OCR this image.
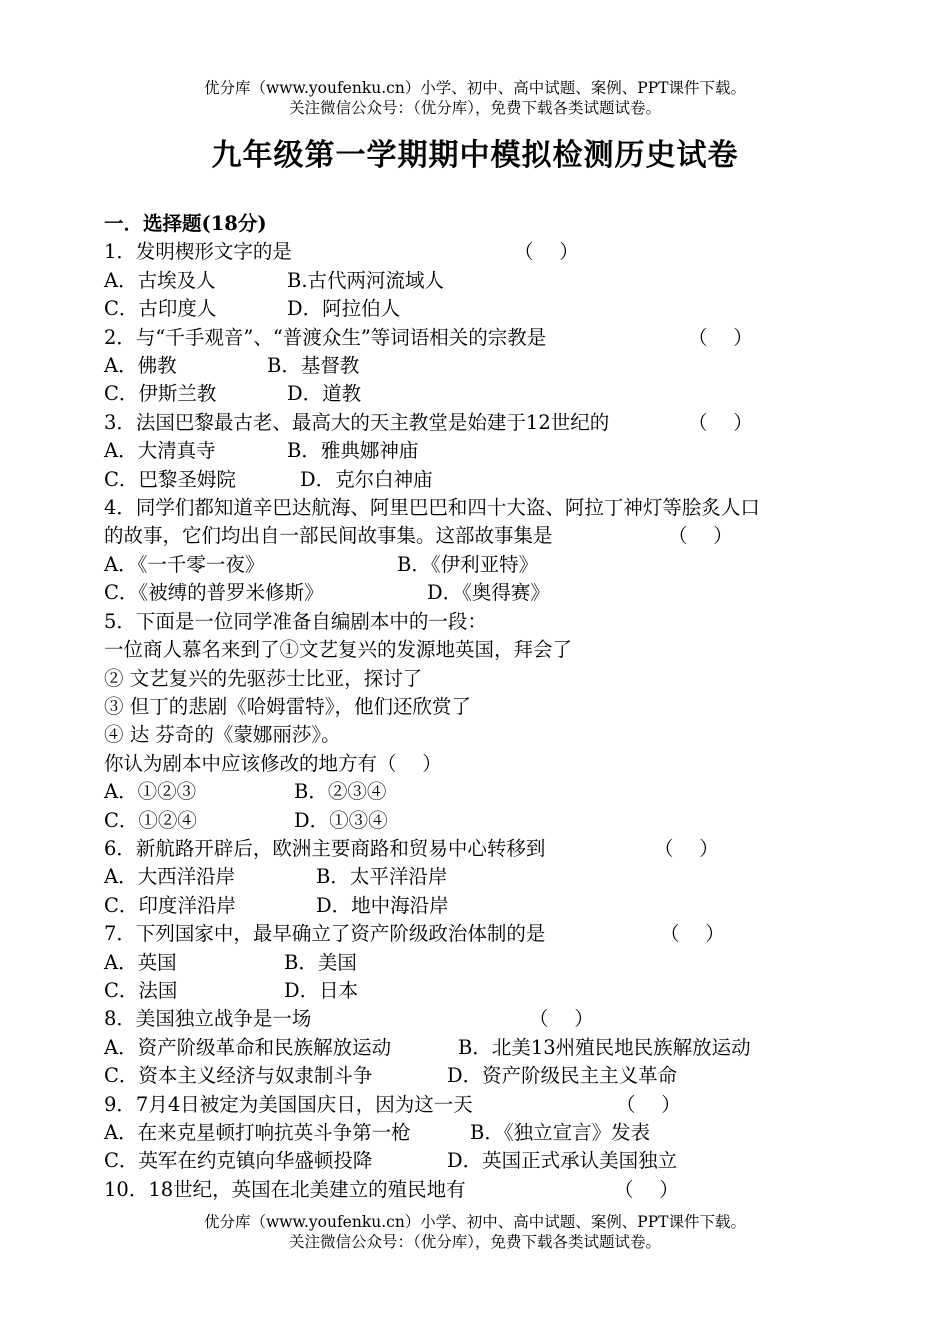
优分库（www.youfenku.cn）小学、初中、高中试题、案例、PPT课件下载。
关注微信公众号：（优分库），免费下载各类试题试卷。
九年级第一学期期中模拟检测历史试卷
一．选择题(18分)
1．发明楔形文字的是	（　 ）
A．古埃及人	B.古代两河流域人
C．古印度人	D．阿拉伯人
2．与“千手观音”、“普渡众生”等词语相关的宗教是	（　 ）
A．佛教	B．基督教
C．伊斯兰教	D．道教
3．法国巴黎最古老、最高大的天主教堂是始建于12世纪的	（　 ）
A．大清真寺	B．雅典娜神庙
C．巴黎圣姆院	D．克尔白神庙
4．同学们都知道辛巴达航海、阿里巴巴和四十大盗、阿拉丁神灯等脍炙人口
的故事，它们均出自一部民间故事集。这部故事集是	（　 ）
A．《一千零一夜》	B．《伊利亚特》
C．《被缚的普罗米修斯》	D．《奥得赛》
5．下面是一位同学准备自编剧本中的一段：
一位商人慕名来到了①文艺复兴的发源地英国，拜会了
② 文艺复兴的先驱莎士比亚，探讨了
③ 但丁的悲剧《哈姆雷特》，他们还欣赏了
④ 达 芬奇的《蒙娜丽莎》。
你认为剧本中应该修改的地方有（　 ）
A．①②③	B．②③④
C．①②④	D．①③④
6．新航路开辟后，欧洲主要商路和贸易中心转移到	（　 ）
A．大西洋沿岸	B．太平洋沿岸
C．印度洋沿岸	D．地中海沿岸
7．下列国家中，最早确立了资产阶级政治体制的是	（　 ）
A．英国	B．美国
C．法国	D．日本
8．美国独立战争是一场	（　 ）
A．资产阶级革命和民族解放运动	B．北美13州殖民地民族解放运动
C．资本主义经济与奴隶制斗争	D．资产阶级民主主义革命
9．7月4日被定为美国国庆日，因为这一天	（　 ）
A．在来克星顿打响抗英斗争第一枪	B．《独立宣言》发表
C．英军在约克镇向华盛顿投降	D．英国正式承认美国独立
10．18世纪，英国在北美建立的殖民地有	（　 ）
优分库（www.youfenku.cn）小学、初中、高中试题、案例、PPT课件下载。
关注微信公众号：（优分库），免费下载各类试题试卷。
